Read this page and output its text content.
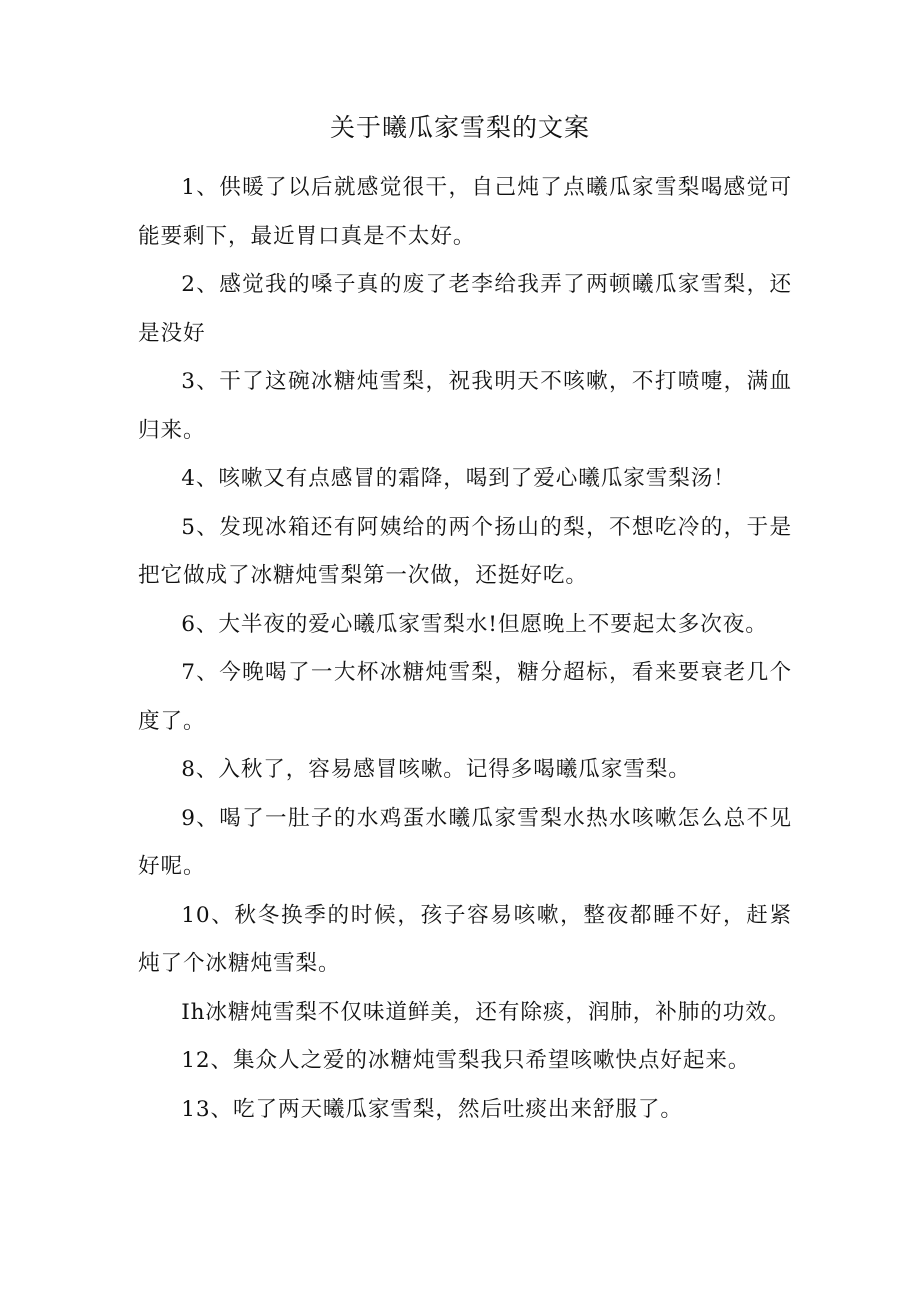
关于曦瓜家雪梨的文案

1、供暖了以后就感觉很干，自己炖了点曦瓜家雪梨喝感觉可能要剩下，最近胃口真是不太好。

2、感觉我的嗓子真的废了老李给我弄了两顿曦瓜家雪梨，还是没好

3、干了这碗冰糖炖雪梨，祝我明天不咳嗽，不打喷嚏，满血归来。

4、咳嗽又有点感冒的霜降，喝到了爱心曦瓜家雪梨汤！

5、发现冰箱还有阿姨给的两个扬山的梨，不想吃冷的，于是把它做成了冰糖炖雪梨第一次做，还挺好吃。

6、大半夜的爱心曦瓜家雪梨水!但愿晚上不要起太多次夜。

7、今晚喝了一大杯冰糖炖雪梨，糖分超标，看来要衰老几个度了。

8、入秋了，容易感冒咳嗽。记得多喝曦瓜家雪梨。

9、喝了一肚子的水鸡蛋水曦瓜家雪梨水热水咳嗽怎么总不见好呢。

10、秋冬换季的时候，孩子容易咳嗽，整夜都睡不好，赶紧炖了个冰糖炖雪梨。

Ih冰糖炖雪梨不仅味道鲜美，还有除痰，润肺，补肺的功效。

12、集众人之爱的冰糖炖雪梨我只希望咳嗽快点好起来。

13、吃了两天曦瓜家雪梨，然后吐痰出来舒服了。
